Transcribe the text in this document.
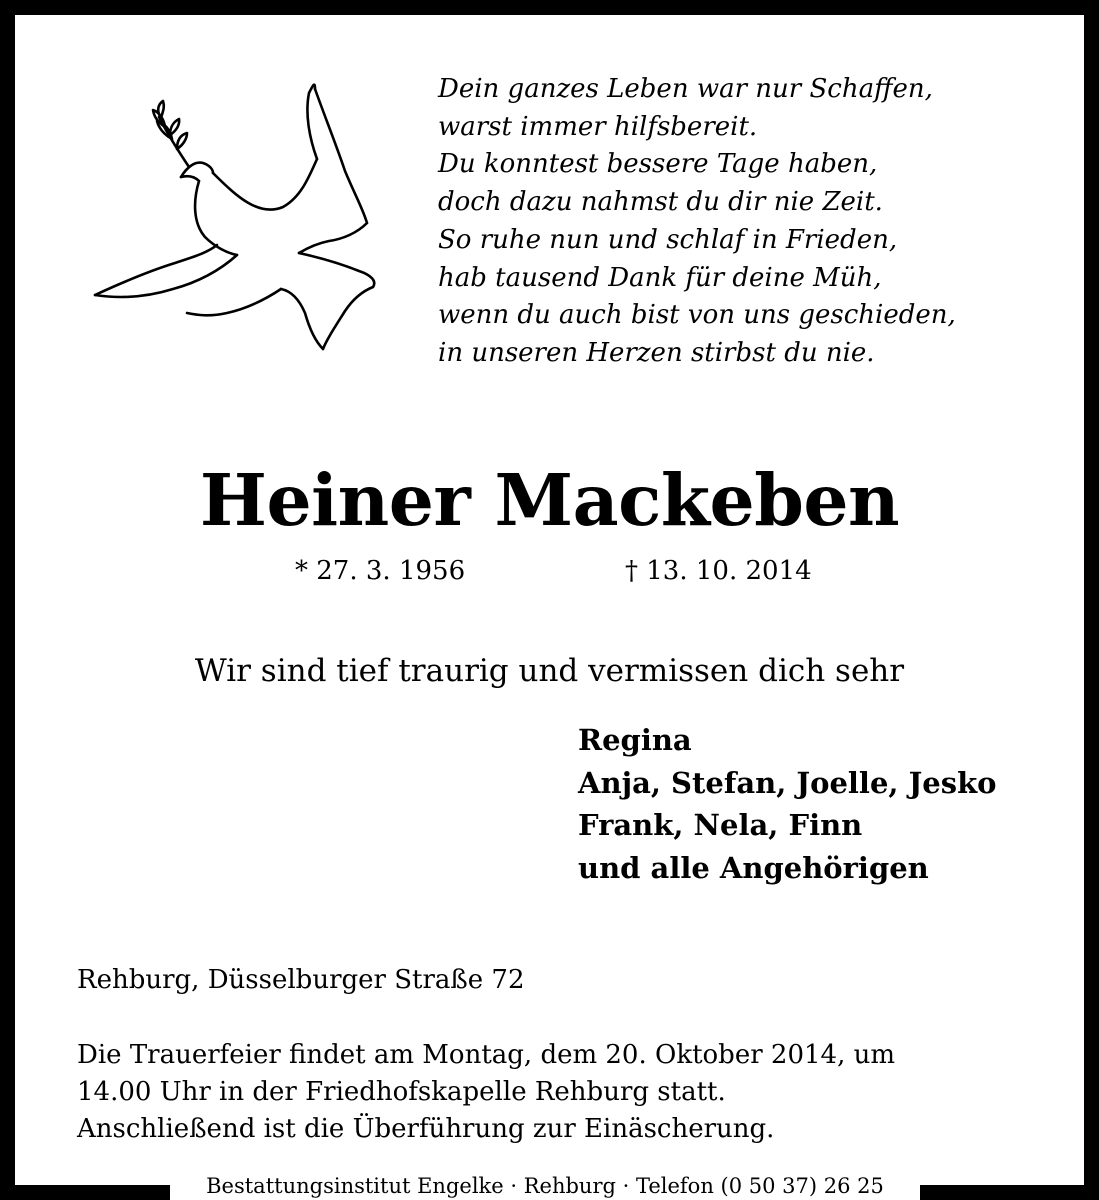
Dein ganzes Leben war nur Schaffen,
warst immer hilfsbereit.
Du konntest bessere Tage haben,
doch dazu nahmst du dir nie Zeit.
So ruhe nun und schlaf in Frieden,
hab tausend Dank für deine Müh,
wenn du auch bist von uns geschieden,
in unseren Herzen stirbst du nie.
Heiner Mackeben
* 27. 3. 1956	† 13. 10. 2014

Wir sind tief traurig und vermissen dich sehr

Regina
Anja, Stefan, Joelle, Jesko
Frank, Nela, Finn
und alle Angehörigen

Rehburg, Düsselburger Straße 72

Die Trauerfeier findet am Montag, dem 20. Oktober 2014, um
14.00 Uhr in der Friedhofskapelle Rehburg statt.
Anschließend ist die Überführung zur Einäscherung.
Bestattungsinstitut Engelke · Rehburg · Telefon (0 50 37) 26 25
